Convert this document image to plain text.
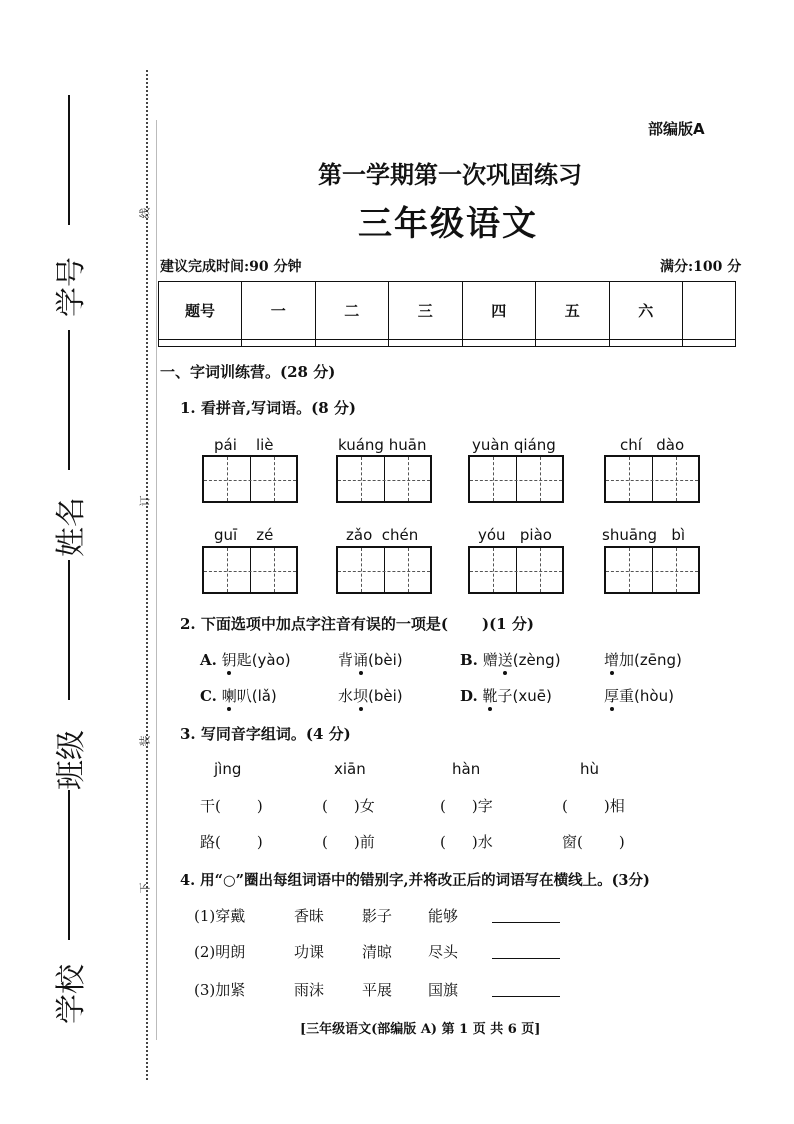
学号
姓名
班级
学校
线
订
装
下
部编版A
第一学期第一次巩固练习
三年级语文
建议完成时间:90 分钟	满分:100 分
题号	一	二	三	四	五	六	

一、字词训练营。(28 分)
1. 看拼音,写词语。(8 分)
pái liè	kuáng huān	yuàn qiáng	chí dào
guī zé	zǎo chén	yóu piào	shuāng bì
2. 下面选项中加点字注音有误的一项是( )(1 分)
A. 钥匙(yào)	背诵(bèi)	B. 赠送(zèng)	增加(zēng)
C. 喇叭(lǎ)	水坝(bèi)	D. 靴子(xuē)	厚重(hòu)
3. 写同音字组词。(4 分)
jìng	xiān	hàn	hù
干( )	( )女	( )字	( )相
路( )	( )前	( )水	窗( )
4. 用“○”圈出每组词语中的错别字,并将改正后的词语写在横线上。(3分)
(1)穿戴	香昧	影子 能够
(2)明朗	功课	清晾 尽头
(3)加紧	雨沫	平展 国旗
[三年级语文(部编版 A) 第 1 页 共 6 页]
